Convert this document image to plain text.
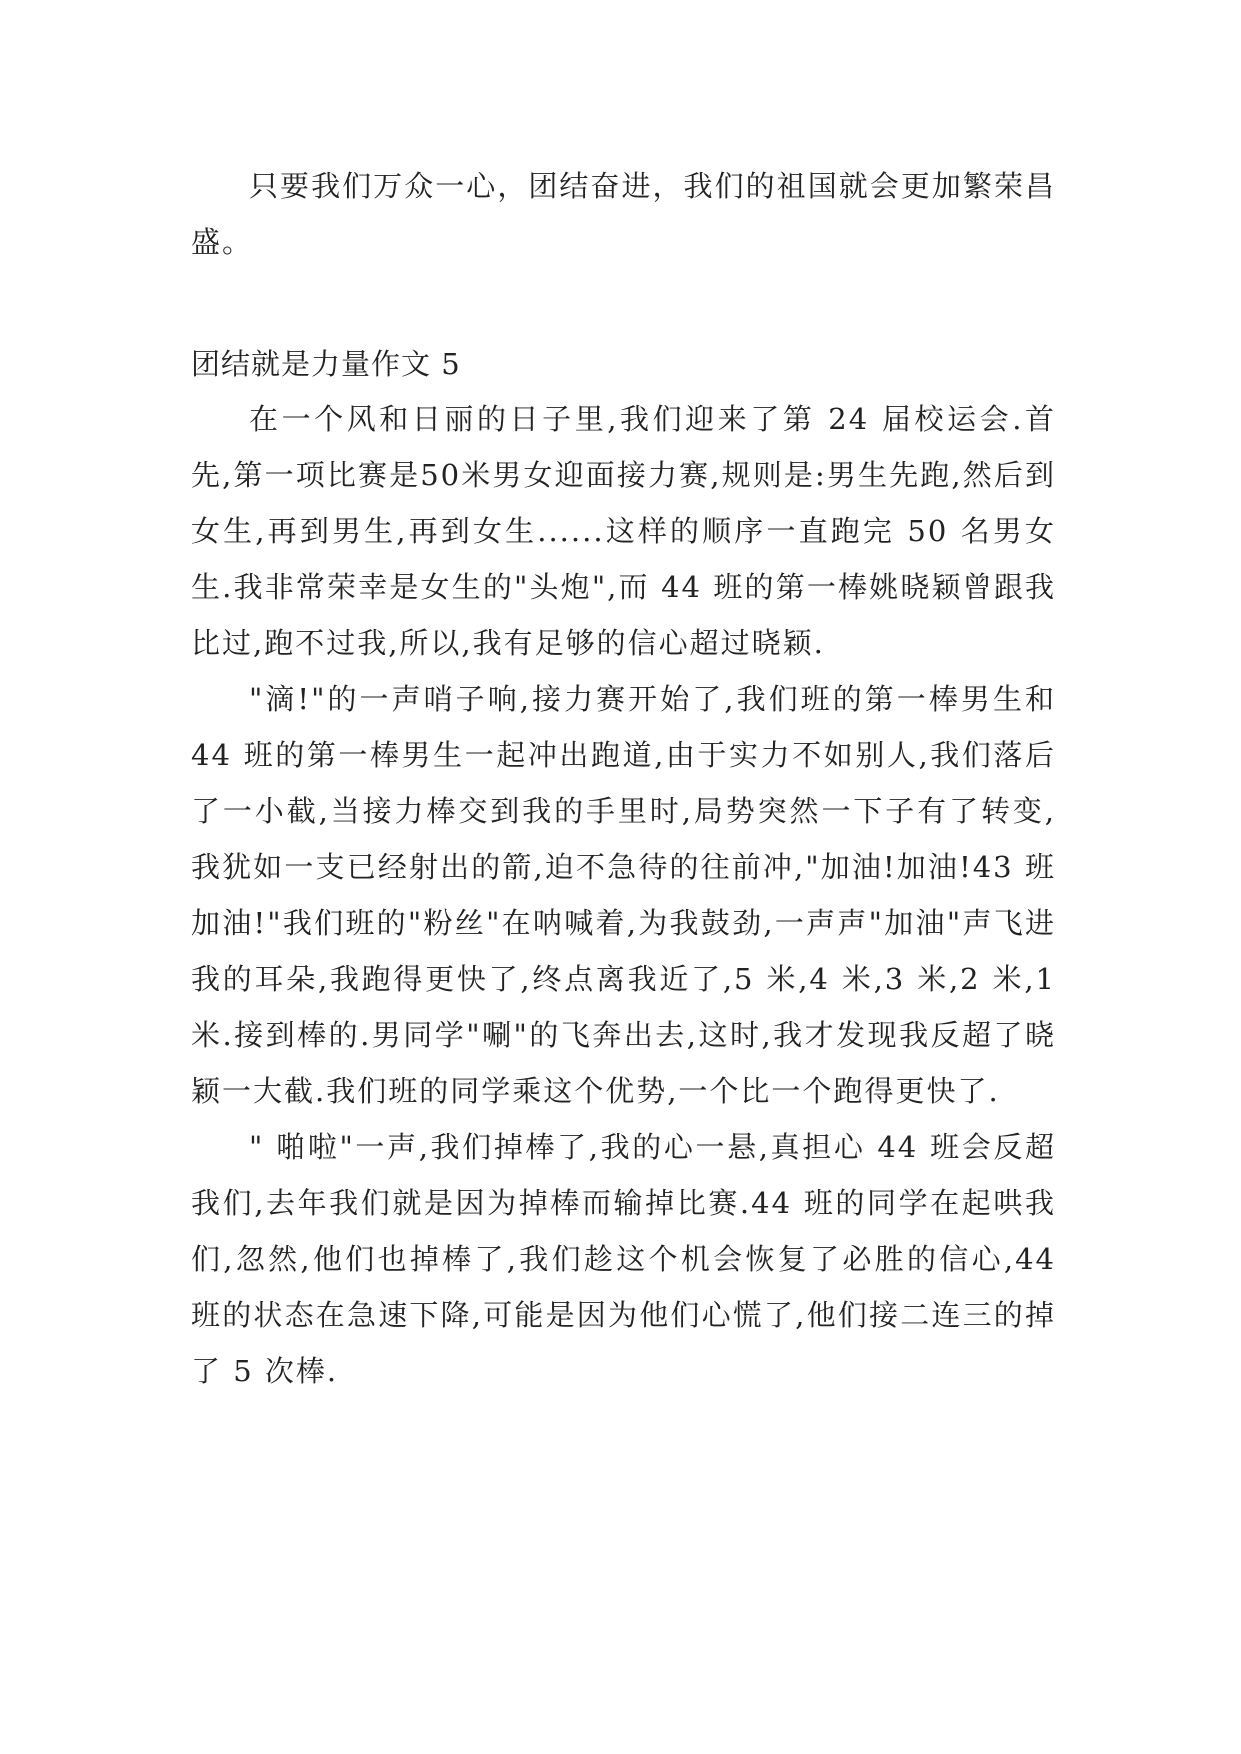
只要我们万众一心，团结奋进，我们的祖国就会更加繁荣昌盛。

团结就是力量作文 5

在一个风和日丽的日子里,我们迎来了第 24 届校运会.首先,第一项比赛是50米男女迎面接力赛,规则是:男生先跑,然后到女生,再到男生,再到女生......这样的顺序一直跑完 50 名男女生.我非常荣幸是女生的"头炮",而 44 班的第一棒姚晓颖曾跟我比过,跑不过我,所以,我有足够的信心超过晓颖.

"滴!"的一声哨子响,接力赛开始了,我们班的第一棒男生和 44 班的第一棒男生一起冲出跑道,由于实力不如别人,我们落后了一小截,当接力棒交到我的手里时,局势突然一下子有了转变,我犹如一支已经射出的箭,迫不急待的往前冲,"加油!加油!43 班加油!"我们班的"粉丝"在呐喊着,为我鼓劲,一声声"加油"声飞进我的耳朵,我跑得更快了,终点离我近了,5 米,4 米,3 米,2 米,1 米.接到棒的.男同学"唰"的飞奔出去,这时,我才发现我反超了晓颖一大截.我们班的同学乘这个优势,一个比一个跑得更快了.

" 啪啦"一声,我们掉棒了,我的心一悬,真担心 44 班会反超我们,去年我们就是因为掉棒而输掉比赛.44 班的同学在起哄我们,忽然,他们也掉棒了,我们趁这个机会恢复了必胜的信心,44 班的状态在急速下降,可能是因为他们心慌了,他们接二连三的掉了 5 次棒.
